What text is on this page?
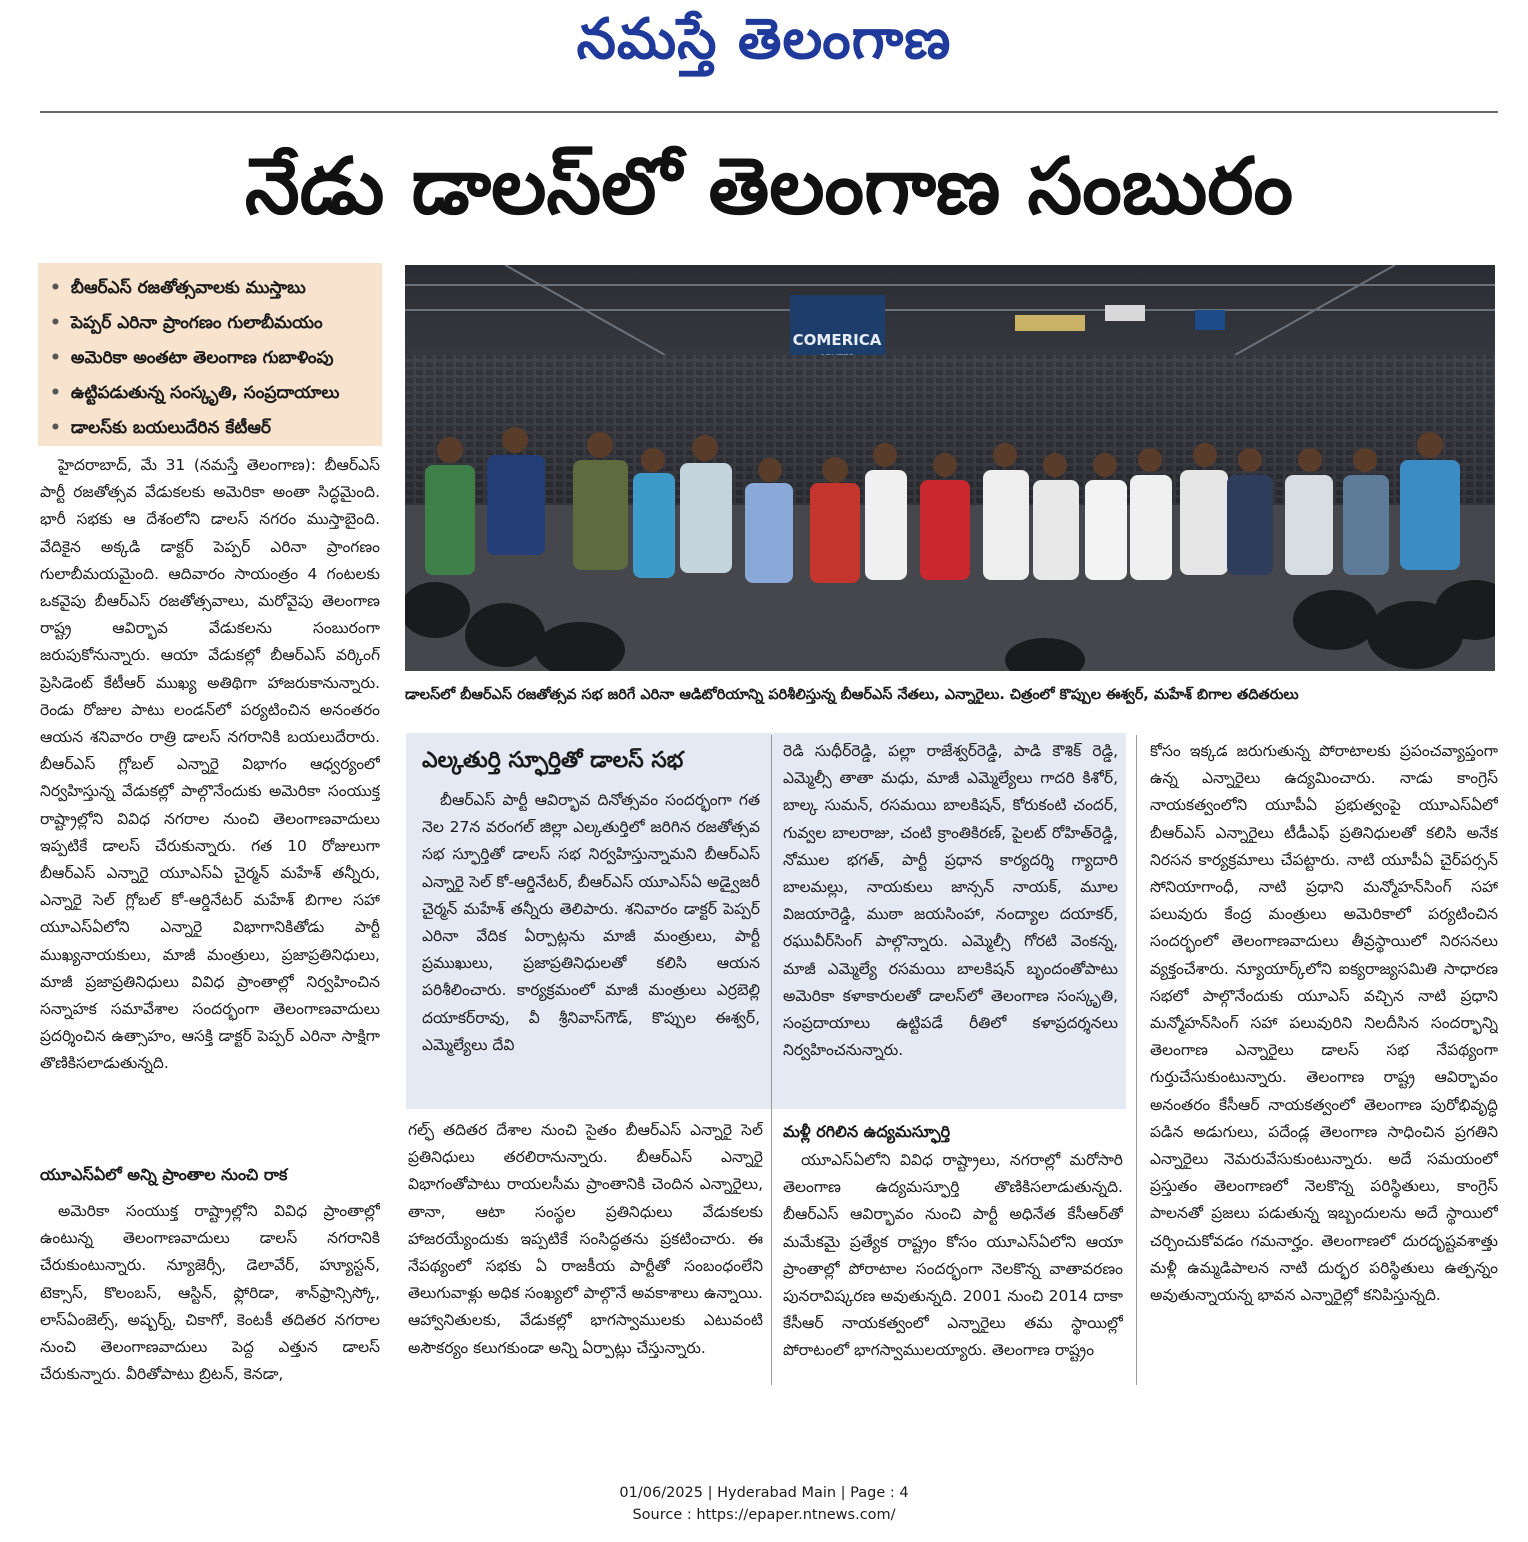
నమస్తే తెలంగాణ
నేడు డాలస్‌లో తెలంగాణ సంబురం
• బీఆర్ఎస్ రజతోత్సవాలకు ముస్తాబు
• పెప్పర్ ఎరినా ప్రాంగణం గులాబీమయం
• అమెరికా అంతటా తెలంగాణ గుబాళింపు
• ఉట్టిపడుతున్న సంస్కృతి, సంప్రదాయాలు
• డాలస్‌కు బయలుదేరిన కేటీఆర్
COMERICA
డాలస్‌లో బీఆర్ఎస్ రజతోత్సవ సభ జరిగే ఎరినా ఆడిటోరియాన్ని పరిశీలిస్తున్న బీఆర్ఎస్ నేతలు, ఎన్నారైలు. చిత్రంలో కొప్పుల ఈశ్వర్, మహేశ్ బిగాల తదితరులు

హైదరాబాద్, మే 31 (నమస్తే తెలంగాణ): బీఆర్ఎస్ పార్టీ రజతోత్సవ వేడుకలకు అమెరికా అంతా సిద్ధమైంది. భారీ సభకు ఆ దేశంలోని డాలస్ నగరం ముస్తాబైంది. వేదికైన అక్కడి డాక్టర్ పెప్పర్ ఎరినా ప్రాంగణం గులాబీమయమైంది. ఆదివారం సాయంత్రం 4 గంటలకు ఒకవైపు బీఆర్ఎస్ రజతోత్సవాలు, మరోవైపు తెలంగాణ రాష్ట్ర ఆవిర్భావ వేడుకలను సంబురంగా జరుపుకోనున్నారు. ఆయా వేడుకల్లో బీఆర్ఎస్ వర్కింగ్ ప్రెసిడెంట్ కేటీఆర్ ముఖ్య అతిథిగా హాజరుకానున్నారు. రెండు రోజుల పాటు లండన్‌లో పర్యటించిన అనంతరం ఆయన శనివారం రాత్రి డాలస్ నగరానికి బయలుదేరారు. బీఆర్ఎస్ గ్లోబల్ ఎన్నారై విభాగం ఆధ్వర్యంలో నిర్వహిస్తున్న వేడుకల్లో పాల్గొనేందుకు అమెరికా సంయుక్త రాష్ట్రాల్లోని వివిధ నగరాల నుంచి తెలంగాణవాదులు ఇప్పటికే డాలస్ చేరుకున్నారు. గత 10 రోజులుగా బీఆర్ఎస్ ఎన్నారై యూఎస్ఏ చైర్మన్ మహేశ్ తన్నీరు, ఎన్నారై సెల్ గ్లోబల్ కో-ఆర్డినేటర్ మహేశ్ బిగాల సహా యూఎస్ఏలోని ఎన్నారై విభాగానికితోడు పార్టీ ముఖ్యనాయకులు, మాజీ మంత్రులు, ప్రజాప్రతినిధులు, మాజీ ప్రజాప్రతినిధులు వివిధ ప్రాంతాల్లో నిర్వహించిన సన్నాహక సమావేశాల సందర్భంగా తెలంగాణవాదులు ప్రదర్శించిన ఉత్సాహం, ఆసక్తి డాక్టర్ పెప్పర్ ఎరినా సాక్షిగా తొణికిసలాడుతున్నది.

యూఎస్ఏలో అన్ని ప్రాంతాల నుంచి రాక

అమెరికా సంయుక్త రాష్ట్రాల్లోని వివిధ ప్రాంతాల్లో ఉంటున్న తెలంగాణవాదులు డాలస్ నగరానికి చేరుకుంటున్నారు. న్యూజెర్సీ, డెలావేర్, హ్యూస్టన్, టెక్సాస్, కొలంబస్, ఆస్టిన్, ఫ్లోరిడా, శాన్‌ఫ్రాన్సిస్కో, లాస్‌ఏంజెల్స్, అష్బర్న్, చికాగో, కెంటకీ తదితర నగరాల నుంచి తెలంగాణవాదులు పెద్ద ఎత్తున డాలస్ చేరుకున్నారు. వీరితోపాటు బ్రిటన్, కెనడా,

ఎల్కతుర్తి స్ఫూర్తితో డాలస్ సభ

బీఆర్ఎస్ పార్టీ ఆవిర్భావ దినోత్సవం సందర్భంగా గత నెల 27న వరంగల్ జిల్లా ఎల్కతుర్తిలో జరిగిన రజతోత్సవ సభ స్ఫూర్తితో డాలస్ సభ నిర్వహిస్తున్నామని బీఆర్ఎస్ ఎన్నారై సెల్ కో-ఆర్డినేటర్, బీఆర్ఎస్ యూఎస్ఏ అడ్వైజరీ చైర్మన్ మహేశ్ తన్నీరు తెలిపారు. శనివారం డాక్టర్ పెప్పర్ ఎరినా వేదిక ఏర్పాట్లను మాజీ మంత్రులు, పార్టీ ప్రముఖులు, ప్రజాప్రతినిధులతో కలిసి ఆయన పరిశీలించారు. కార్యక్రమంలో మాజీ మంత్రులు ఎర్రబెల్లి దయాకర్‌రావు, వీ శ్రీనివాస్‌గౌడ్, కొప్పుల ఈశ్వర్, ఎమ్మెల్యేలు దేవి

రెడి సుధీర్‌రెడ్డి, పల్లా రాజేశ్వర్‌రెడ్డి, పాడి కౌశిక్ రెడ్డి, ఎమ్మెల్సీ తాతా మధు, మాజీ ఎమ్మెల్యేలు గాదరి కిశోర్, బాల్క సుమన్, రసమయి బాలకిషన్, కోరుకంటి చందర్, గువ్వల బాలరాజు, చంటి క్రాంతికిరణ్, పైలట్ రోహిత్‌రెడ్డి, నోముల భగత్, పార్టీ ప్రధాన కార్యదర్శి గ్యాదారి బాలమల్లు, నాయకులు జాన్సన్ నాయక్, మూల విజయారెడ్డి, ముఠా జయసింహా, నంద్యాల దయాకర్, రఘువీర్‌సింగ్ పాల్గొన్నారు. ఎమ్మెల్సీ గోరటి వెంకన్న, మాజీ ఎమ్మెల్యే రసమయి బాలకిషన్ బృందంతోపాటు అమెరికా కళాకారులతో డాలస్‌లో తెలంగాణ సంస్కృతి, సంప్రదాయాలు ఉట్టిపడే రీతిలో కళాప్రదర్శనలు నిర్వహించనున్నారు.

గల్ఫ్ తదితర దేశాల నుంచి సైతం బీఆర్ఎస్ ఎన్నారై సెల్ ప్రతినిధులు తరలిరానున్నారు. బీఆర్ఎస్ ఎన్నారై విభాగంతోపాటు రాయలసీమ ప్రాంతానికి చెందిన ఎన్నారైలు, తానా, ఆటా సంస్థల ప్రతినిధులు వేడుకలకు హాజరయ్యేందుకు ఇప్పటికే సంసిద్ధతను ప్రకటించారు. ఈ నేపథ్యంలో సభకు ఏ రాజకీయ పార్టీతో సంబంధంలేని తెలుగువాళ్లు అధిక సంఖ్యలో పాల్గొనే అవకాశాలు ఉన్నాయి. ఆహ్వానితులకు, వేడుకల్లో భాగస్వాములకు ఎటువంటి అసౌకర్యం కలుగకుండా అన్ని ఏర్పాట్లు చేస్తున్నారు.

మళ్లీ రగిలిన ఉద్యమస్ఫూర్తి

యూఎస్ఏలోని వివిధ రాష్ట్రాలు, నగరాల్లో మరోసారి తెలంగాణ ఉద్యమస్ఫూర్తి తొణికిసలాడుతున్నది. బీఆర్ఎస్ ఆవిర్భావం నుంచి పార్టీ అధినేత కేసీఆర్‌తో మమేకమై ప్రత్యేక రాష్ట్రం కోసం యూఎస్ఏలోని ఆయా ప్రాంతాల్లో పోరాటాల సందర్భంగా నెలకొన్న వాతావరణం పునరావిష్కరణ అవుతున్నది. 2001 నుంచి 2014 దాకా కేసీఆర్ నాయకత్వంలో ఎన్నారైలు తమ స్థాయిల్లో పోరాటంలో భాగస్వాములయ్యారు. తెలంగాణ రాష్ట్రం

కోసం ఇక్కడ జరుగుతున్న పోరాటాలకు ప్రపంచవ్యాప్తంగా ఉన్న ఎన్నారైలు ఉద్యమించారు. నాడు కాంగ్రెస్ నాయకత్వంలోని యూపీఏ ప్రభుత్వంపై యూఎస్ఏలో బీఆర్ఎస్ ఎన్నారైలు టీడీఎఫ్ ప్రతినిధులతో కలిసి అనేక నిరసన కార్యక్రమాలు చేపట్టారు. నాటి యూపీఏ చైర్‌పర్సన్ సోనియాగాంధీ, నాటి ప్రధాని మన్మోహన్‌సింగ్ సహా పలువురు కేంద్ర మంత్రులు అమెరికాలో పర్యటించిన సందర్భంలో తెలంగాణవాదులు తీవ్రస్థాయిలో నిరసనలు వ్యక్తంచేశారు. న్యూయార్క్‌లోని ఐక్యరాజ్యసమితి సాధారణ సభలో పాల్గొనేందుకు యూఎస్ వచ్చిన నాటి ప్రధాని మన్మోహన్‌సింగ్ సహా పలువురిని నిలదీసిన సందర్భాన్ని తెలంగాణ ఎన్నారైలు డాలస్ సభ నేపథ్యంగా గుర్తుచేసుకుంటున్నారు. తెలంగాణ రాష్ట్ర ఆవిర్భావం అనంతరం కేసీఆర్ నాయకత్వంలో తెలంగాణ పురోభివృద్ధి పడిన అడుగులు, పదేండ్ల తెలంగాణ సాధించిన ప్రగతిని ఎన్నారైలు నెమరువేసుకుంటున్నారు. అదే సమయంలో ప్రస్తుతం తెలంగాణలో నెలకొన్న పరిస్థితులు, కాంగ్రెస్ పాలనతో ప్రజలు పడుతున్న ఇబ్బందులను అదే స్థాయిలో చర్చించుకోవడం గమనార్హం. తెలంగాణలో దురదృష్టవశాత్తు మళ్లీ ఉమ్మడిపాలన నాటి దుర్భర పరిస్థితులు ఉత్పన్నం అవుతున్నాయన్న భావన ఎన్నారైల్లో కనిపిస్తున్నది.

01/06/2025 | Hyderabad Main | Page : 4
Source : https://epaper.ntnews.com/
